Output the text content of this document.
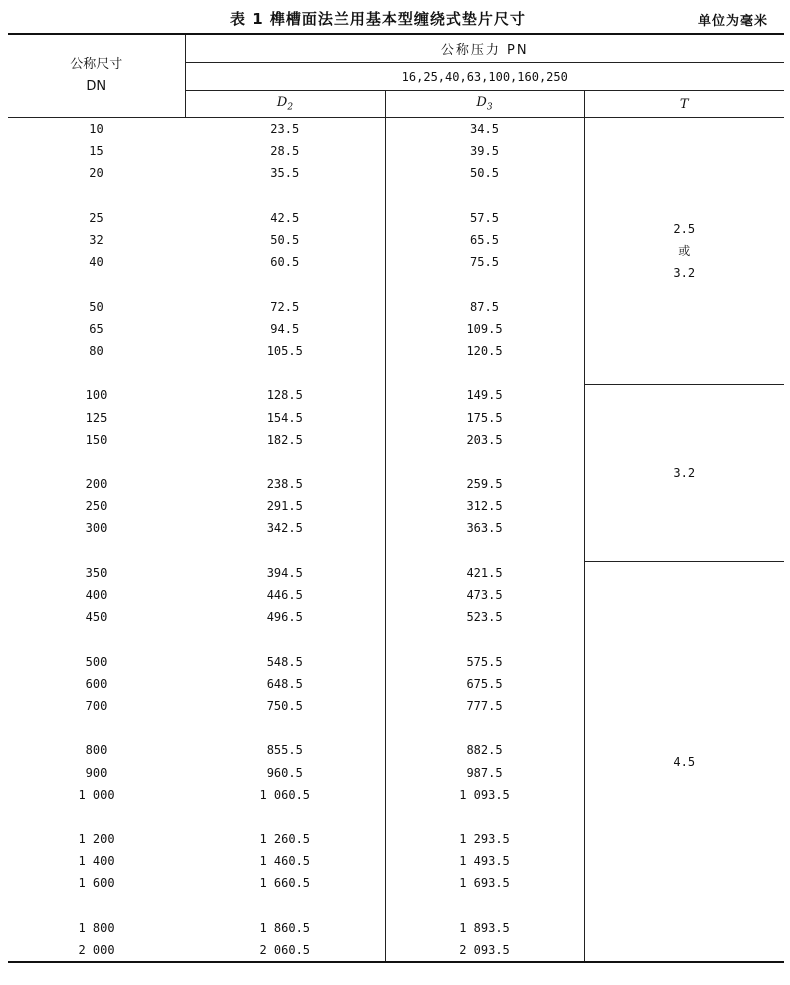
表 1 榫槽面法兰用基本型缠绕式垫片尺寸	单位为毫米
公称尺寸
DN	公称压力 PN		
	16,25,40,63,100,160,250		
	$D_2$	$D_3$	T
10	23.5	34.5	2.5
或
3.2

15	28.5	39.5	
20	35.5	50.5	

25	42.5	57.5	
32	50.5	65.5	
40	60.5	75.5	

50	72.5	87.5	
65	94.5	109.5	
80	105.5	120.5	

100	128.5	149.5	3.2

125	154.5	175.5	
150	182.5	203.5	

200	238.5	259.5	
250	291.5	312.5	
300	342.5	363.5	

350	394.5	421.5	4.5

400	446.5	473.5	
450	496.5	523.5	

500	548.5	575.5	
600	648.5	675.5	
700	750.5	777.5	

800	855.5	882.5	
900	960.5	987.5	
1 000	1 060.5	1 093.5	

1 200	1 260.5	1 293.5	
1 400	1 460.5	1 493.5	
1 600	1 660.5	1 693.5	

1 800	1 860.5	1 893.5	
2 000	2 060.5	2 093.5	
